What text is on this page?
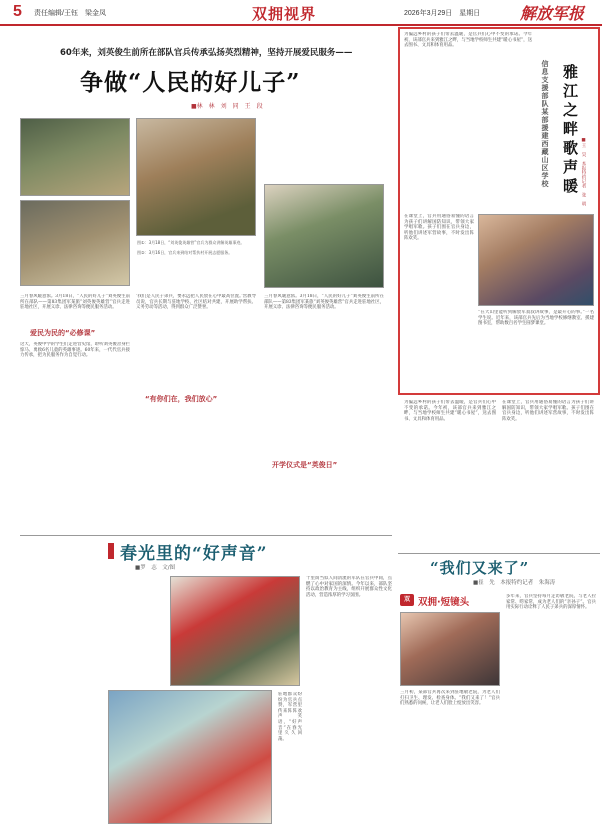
5 责任编辑/王钰　梁金凤	双拥视界	2026年3月29日　星期日 解放军报
60年来，刘英俊生前所在部队官兵传承弘扬英烈精神，坚持开展爱民服务——
争做“人民的好儿子”
■林　林　刘　同　王　段
图①：3月18日，“刘英俊英雄营”官兵为群众讲解英雄事迹。
图②：3月16日，官兵来到结对帮扶村开展志愿服务。
三月春风暖意浓。3月18日，“人民的好儿子”刘英俊生前所在部队——第83集团军某旅“刘英俊英雄营”官兵走进驻地社区，开展义诊、法律咨询等便民服务活动。
爱民为民的“必修课”
这天，英俊中学的学生们走进营史馆，聆听刘英俊舍身拦惊马、勇救6名儿童的英雄事迹。60年来，一代代官兵接力传承，把为民服务作为自觉行动。
‘我们是人民子弟兵，要永远把人民放在心中最高位置。’营教导员说，官兵长期与驻地学校、社区结对共建，开展助学帮扶、义务劳动等活动，得到群众广泛赞誉。
“有你们在，我们放心”
三月春风暖意浓。3月18日，“人民的好儿子”刘英俊生前所在部队——第83集团军某旅“刘英俊英雄营”官兵走进驻地社区，开展义诊、法律咨询等便民服务活动。
开学仪式是“英俊日”
为偏远乡村的孩子们带去温暖，是官兵们心中不变的承诺。今年初，该部官兵来到雅江之畔，与当地学校师生共建“暖心书屋”，送去图书、文具和体育用品。
信息支援部队某部援建西藏山区学校 雅江之畔歌声暖 ■王　昊　本报特约记者　张　明
在课堂上，官兵用通俗易懂的语言为孩子们讲解国防知识，带领大家学唱军歌。孩子们围在官兵身边，听他们讲述军营故事，不时发出阵阵欢笑。
“在大山里能听到解放军叔叔讲故事，是最开心的事。”一名学生说。近年来，该部官兵先后为当地学校修缮教室、援建图书室，帮助数百名学生圆梦课堂。
春光里的“好声音”
■罗　志　文/图
十里荫当似人间清流的军队在官兵中间，点燃了心中对家国的深情。今年以来，部队坚持以政治教育为主线，组织开展群众性文化活动，营造浓厚的学习氛围。
驻地群众纷纷为官兵点赞，军营里传来阵阵欢声笑语，“好声音”在春光里久久回荡。
为偏远乡村的孩子们带去温暖，是官兵们心中不变的承诺。今年初，该部官兵来到雅江之畔，与当地学校师生共建“暖心书屋”，送去图书、文具和体育用品。
在课堂上，官兵用通俗易懂的语言为孩子们讲解国防知识，带领大家学唱军歌。孩子们围在官兵身边，听他们讲述军营故事，不时发出阵阵欢笑。
“我们又来了”
■崔　先　本报特约记者　朱海涛
双 双拥·短镜头
三月初，某部官兵再次来到驻地敬老院，为老人们打扫卫生、理发、检查身体。“我们又来了！”官兵们熟悉的问候，让老人们脸上绽放出笑容。
多年来，官兵坚持每月走访敬老院，与老人拉家常、唠家常，成为老人们的“亲孙子”。官兵用实际行动诠释了人民子弟兵的深厚情怀。
